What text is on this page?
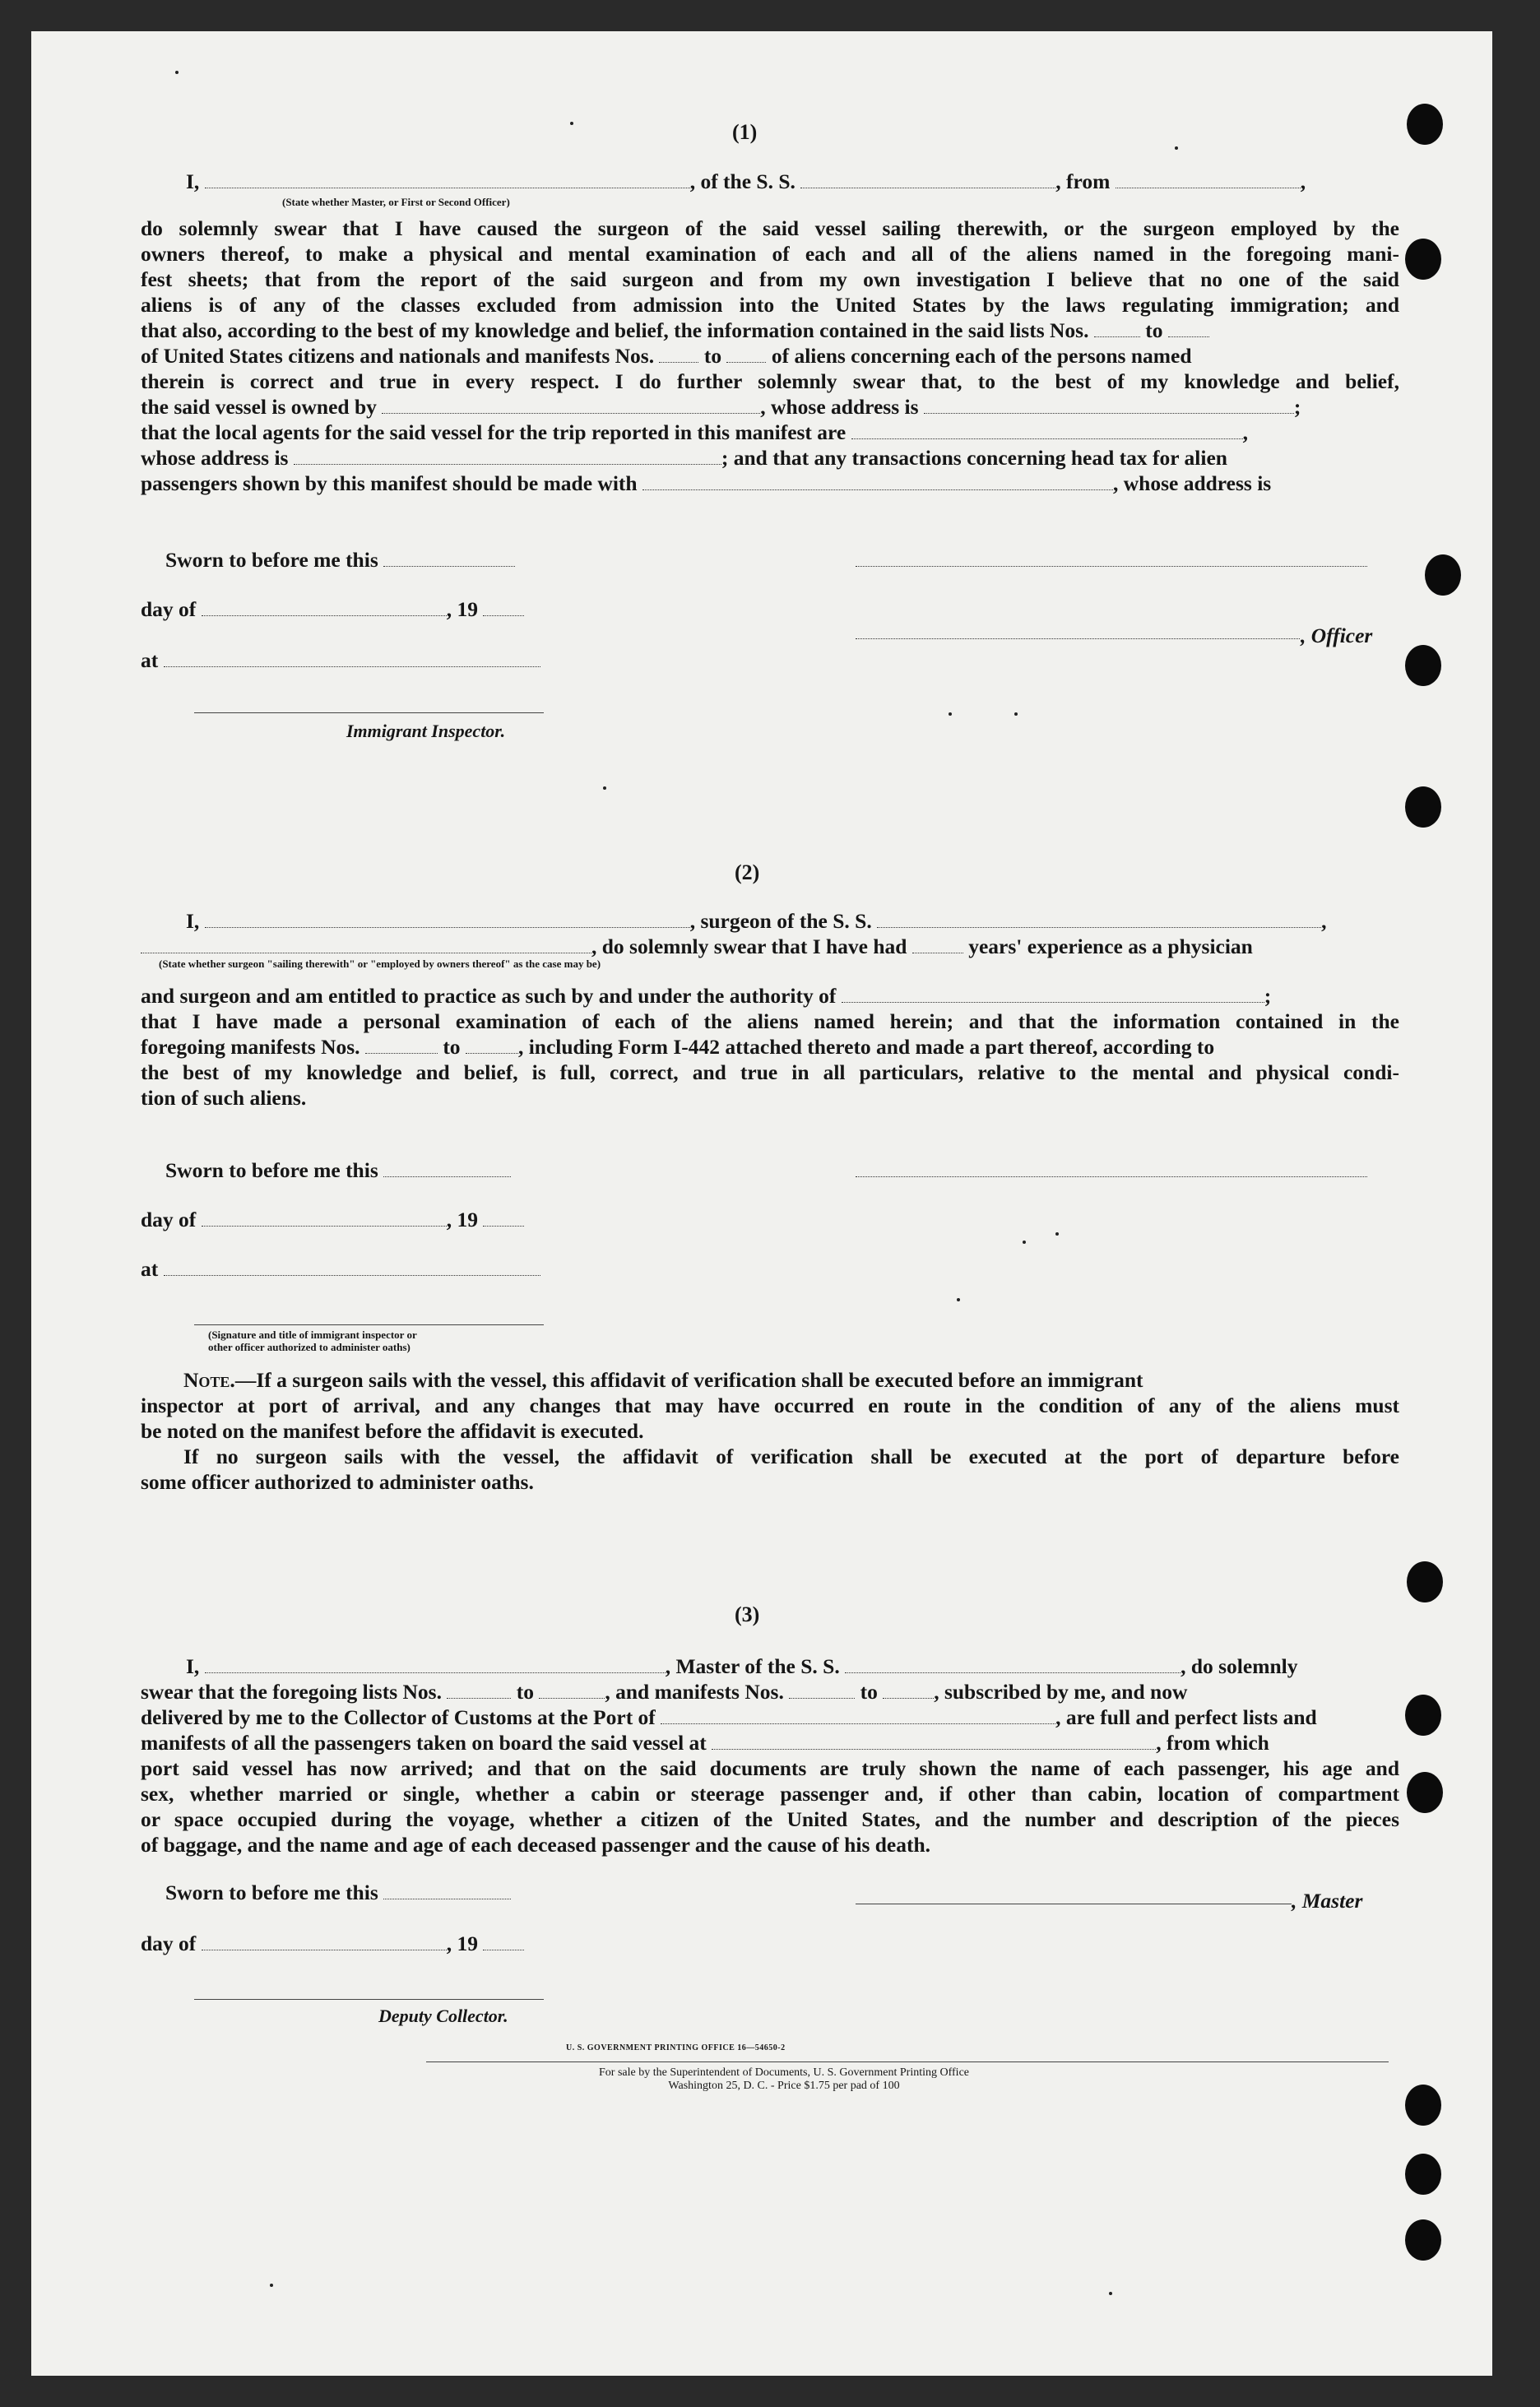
(1)
I,	, of the S. S.	, from	,
(State whether Master, or First or Second Officer)
do solemnly swear that I have caused the surgeon of the said vessel sailing therewith, or the surgeon employed by the
owners thereof, to make a physical and mental examination of each and all of the aliens named in the foregoing mani-
fest sheets; that from the report of the said surgeon and from my own investigation I believe that no one of the said
aliens is of any of the classes excluded from admission into the United States by the laws regulating immigration; and
that also, according to the best of my knowledge and belief, the information contained in the said lists Nos.	to
of United States citizens and nationals and manifests Nos. to of aliens concerning each of the persons named
therein is correct and true in every respect. I do further solemnly swear that, to the best of my knowledge and belief,
the said vessel is owned by	, whose address is	;
that the local agents for the said vessel for the trip reported in this manifest are	,
whose address is	; and that any transactions concerning head tax for alien
passengers shown by this manifest should be made with	, whose address is
Sworn to before me this
day of	, 19
, Officer
at
Immigrant Inspector.
(2)
I,	, surgeon of the S. S.	,
, do solemnly swear that I have had	years' experience as a physician
(State whether surgeon "sailing therewith" or "employed by owners thereof" as the case may be)
and surgeon and am entitled to practice as such by and under the authority of	;
that I have made a personal examination of each of the aliens named herein; and that the information contained in the
foregoing manifests Nos.	to	, including Form I-442 attached thereto and made a part thereof, according to
the best of my knowledge and belief, is full, correct, and true in all particulars, relative to the mental and physical condi-
tion of such aliens.
Sworn to before me this
day of	, 19
at
(Signature and title of immigrant inspector or
other officer authorized to administer oaths)
Note.—If a surgeon sails with the vessel, this affidavit of verification shall be executed before an immigrant
inspector at port of arrival, and any changes that may have occurred en route in the condition of any of the aliens must
be noted on the manifest before the affidavit is executed.
If no surgeon sails with the vessel, the affidavit of verification shall be executed at the port of departure before
some officer authorized to administer oaths.
(3)
I,	, Master of the S. S.	, do solemnly
swear that the foregoing lists Nos.	to	, and manifests Nos.	to	, subscribed by me, and now
delivered by me to the Collector of Customs at the Port of	, are full and perfect lists and
manifests of all the passengers taken on board the said vessel at	, from which
port said vessel has now arrived; and that on the said documents are truly shown the name of each passenger, his age and
sex, whether married or single, whether a cabin or steerage passenger and, if other than cabin, location of compartment
or space occupied during the voyage, whether a citizen of the United States, and the number and description of the pieces
of baggage, and the name and age of each deceased passenger and the cause of his death.
Sworn to before me this	, Master
day of	, 19
Deputy Collector.
U. S. GOVERNMENT PRINTING OFFICE 16—54650-2
For sale by the Superintendent of Documents, U. S. Government Printing Office
Washington 25, D. C. - Price $1.75 per pad of 100
